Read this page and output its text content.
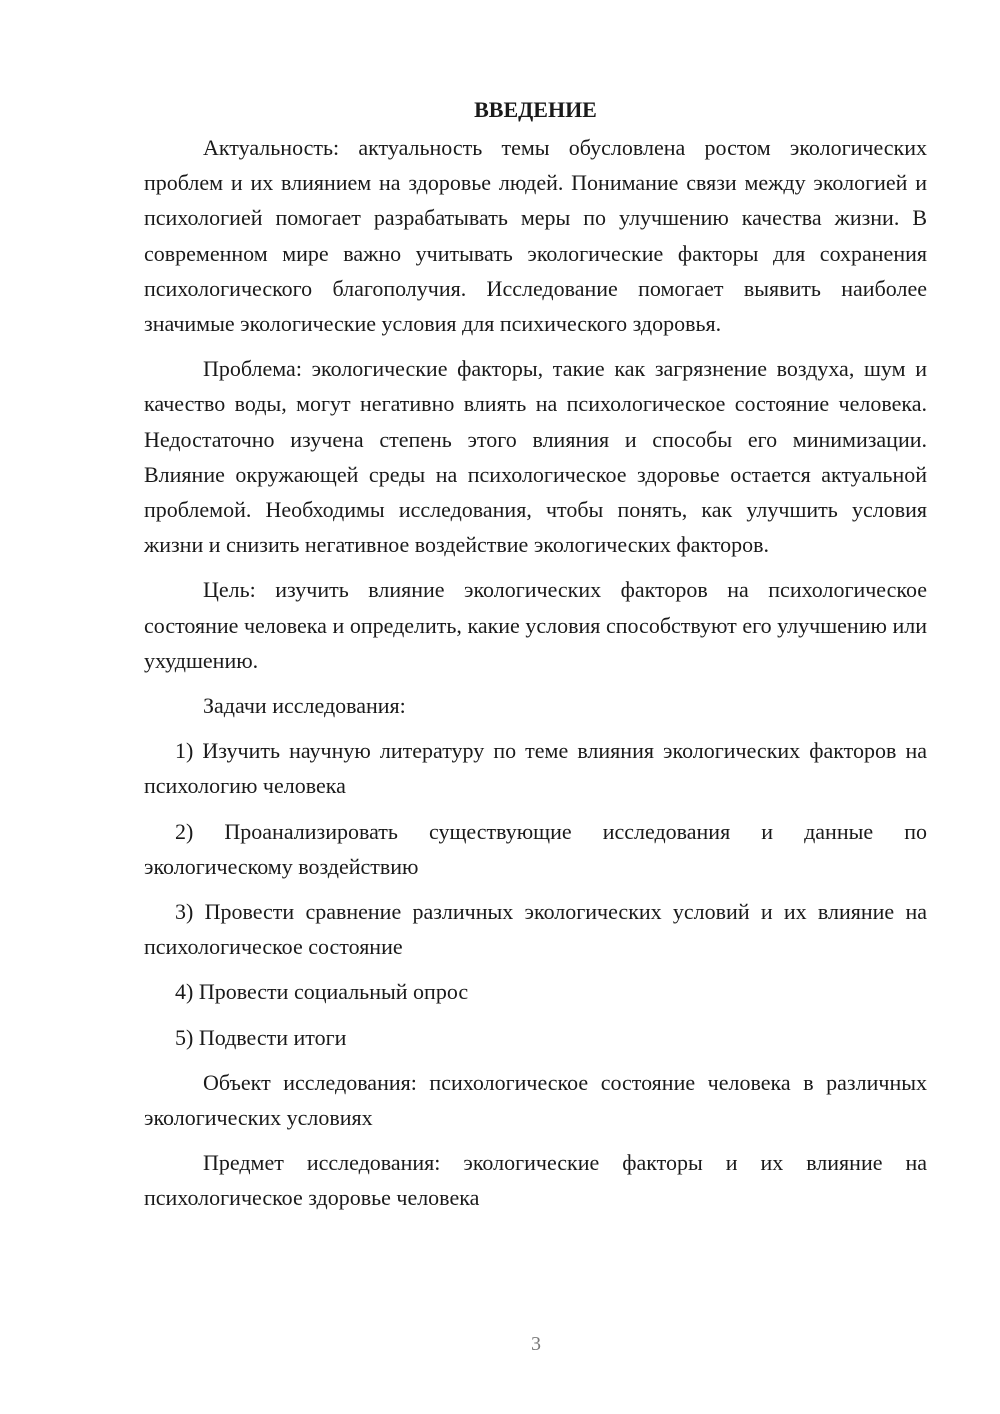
ВВЕДЕНИЕ

Актуальность: актуальность темы обусловлена ростом экологических проблем и их влиянием на здоровье людей. Понимание связи между экологией и психологией помогает разрабатывать меры по улучшению качества жизни. В современном мире важно учитывать экологические факторы для сохранения психологического благополучия. Исследование помогает выявить наиболее значимые экологические условия для психического здоровья.

Проблема: экологические факторы, такие как загрязнение воздуха, шум и качество воды, могут негативно влиять на психологическое состояние человека. Недостаточно изучена степень этого влияния и способы его минимизации. Влияние окружающей среды на психологическое здоровье остается актуальной проблемой. Необходимы исследования, чтобы понять, как улучшить условия жизни и снизить негативное воздействие экологических факторов.

Цель: изучить влияние экологических факторов на психологическое состояние человека и определить, какие условия способствуют его улучшению или ухудшению.

Задачи исследования:

1) Изучить научную литературу по теме влияния экологических факторов на психологию человека

2) Проанализировать существующие исследования и данные по экологическому воздействию

3) Провести сравнение различных экологических условий и их влияние на психологическое состояние

4) Провести социальный опрос

5) Подвести итоги

Объект исследования: психологическое состояние человека в различных экологических условиях

Предмет исследования: экологические факторы и их влияние на психологическое здоровье человека

3
